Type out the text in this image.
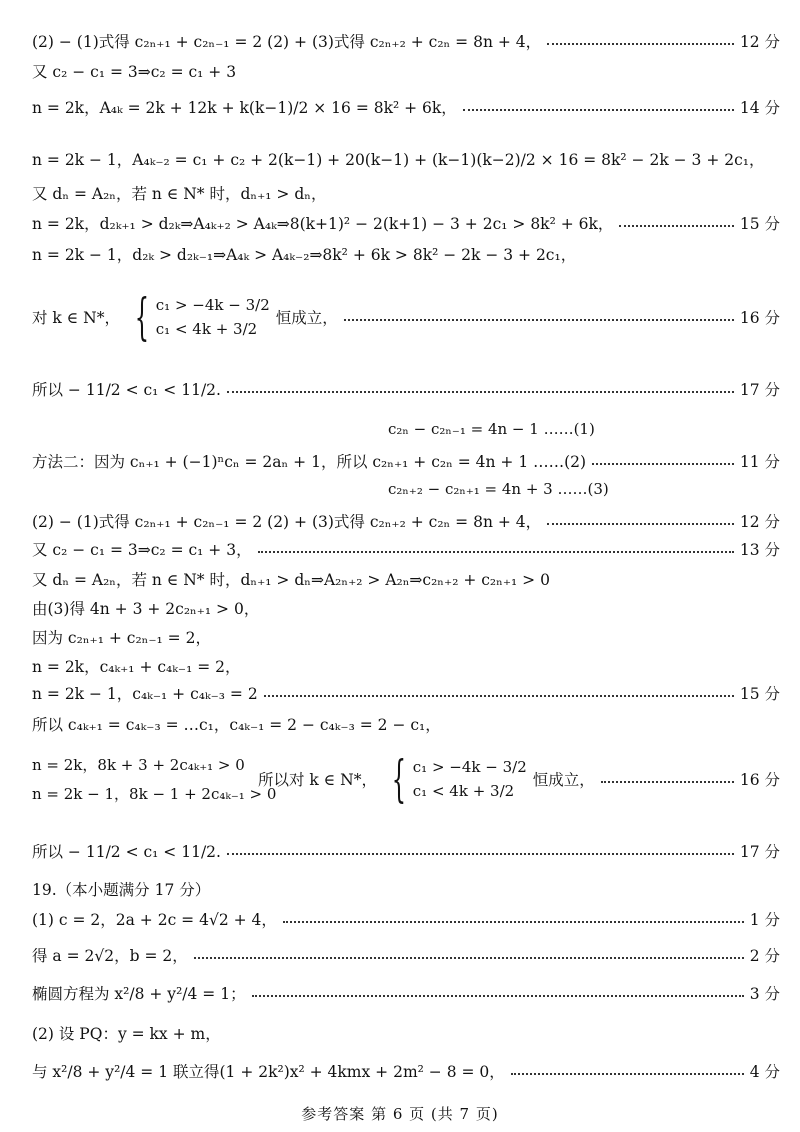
(2) − (1)式得 c₂ₙ₊₁ + c₂ₙ₋₁ = 2 (2) + (3)式得 c₂ₙ₊₂ + c₂ₙ = 8n + 4，	12 分
又 c₂ − c₁ = 3⇒c₂ = c₁ + 3
n = 2k，A₄ₖ = 2k + 12k + k(k−1)/2 × 16 = 8k² + 6k，	14 分
n = 2k − 1，A₄ₖ₋₂ = c₁ + c₂ + 2(k−1) + 20(k−1) + (k−1)(k−2)/2 × 16 = 8k² − 2k − 3 + 2c₁，
又 dₙ = A₂ₙ，若 n ∈ N* 时，dₙ₊₁ > dₙ，
n = 2k，d₂ₖ₊₁ > d₂ₖ⇒A₄ₖ₊₂ > A₄ₖ⇒8(k+1)² − 2(k+1) − 3 + 2c₁ > 8k² + 6k，	15 分
n = 2k − 1，d₂ₖ > d₂ₖ₋₁⇒A₄ₖ > A₄ₖ₋₂⇒8k² + 6k > 8k² − 2k − 3 + 2c₁，
对 k ∈ N*， { c₁ > −4k − 3/2
c₁ < 4k + 3/2
恒成立，	16 分
所以 − 11/2 < c₁ < 11/2.	17 分
c₂ₙ − c₂ₙ₋₁ = 4n − 1 ……(1)
方法二：因为 cₙ₊₁ + (−1)ⁿcₙ = 2aₙ + 1，所以 c₂ₙ₊₁ + c₂ₙ = 4n + 1 ……(2)	11 分
c₂ₙ₊₂ − c₂ₙ₊₁ = 4n + 3 ……(3)
(2) − (1)式得 c₂ₙ₊₁ + c₂ₙ₋₁ = 2 (2) + (3)式得 c₂ₙ₊₂ + c₂ₙ = 8n + 4，	12 分
又 c₂ − c₁ = 3⇒c₂ = c₁ + 3，	13 分
又 dₙ = A₂ₙ，若 n ∈ N* 时，dₙ₊₁ > dₙ⇒A₂ₙ₊₂ > A₂ₙ⇒c₂ₙ₊₂ + c₂ₙ₊₁ > 0
由(3)得 4n + 3 + 2c₂ₙ₊₁ > 0，
因为 c₂ₙ₊₁ + c₂ₙ₋₁ = 2，
n = 2k，c₄ₖ₊₁ + c₄ₖ₋₁ = 2，
n = 2k − 1，c₄ₖ₋₁ + c₄ₖ₋₃ = 2	15 分
所以 c₄ₖ₊₁ = c₄ₖ₋₃ = …c₁，c₄ₖ₋₁ = 2 − c₄ₖ₋₃ = 2 − c₁，
n = 2k，8k + 3 + 2c₄ₖ₊₁ > 0
n = 2k − 1，8k − 1 + 2c₄ₖ₋₁ > 0
所以对 k ∈ N*， { c₁ > −4k − 3/2
c₁ < 4k + 3/2
恒成立，	16 分
所以 − 11/2 < c₁ < 11/2.	17 分
19.（本小题满分 17 分）
(1) c = 2，2a + 2c = 4√2 + 4，	1 分
得 a = 2√2，b = 2，	2 分
椭圆方程为 x²/8 + y²/4 = 1；	3 分
(2) 设 PQ：y = kx + m，
与 x²/8 + y²/4 = 1 联立得(1 + 2k²)x² + 4kmx + 2m² − 8 = 0，	4 分
参考答案 第 6 页 (共 7 页)
